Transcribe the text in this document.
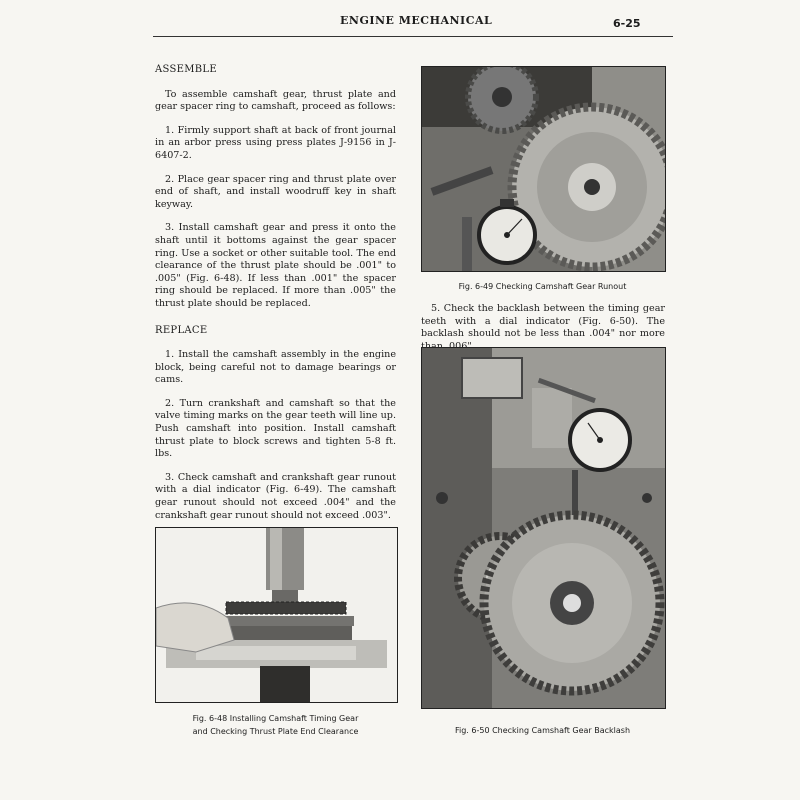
ENGINE MECHANICAL	6-25
ASSEMBLE

To assemble camshaft gear, thrust plate and gear spacer ring to camshaft, proceed as follows:

1. Firmly support shaft at back of front journal in an arbor press using press plates J-9156 in J-6407-2.

2. Place gear spacer ring and thrust plate over end of shaft, and install woodruff key in shaft keyway.

3. Install camshaft gear and press it onto the shaft until it bottoms against the gear spacer ring. Use a socket or other suitable tool. The end clearance of the thrust plate should be .001" to .005" (Fig. 6-48). If less than .001" the spacer ring should be replaced. If more than .005" the thrust plate should be replaced.

REPLACE

1. Install the camshaft assembly in the engine block, being careful not to damage bearings or cams.

2. Turn crankshaft and camshaft so that the valve timing marks on the gear teeth will line up. Push camshaft into position. Install camshaft thrust plate to block screws and tighten 5-8 ft. lbs.

3. Check camshaft and crankshaft gear runout with a dial indicator (Fig. 6-49). The camshaft gear runout should not exceed .004" and the crankshaft gear runout should not exceed .003".

Fig. 6-49 Checking Camshaft Gear Runout

5. Check the backlash between the timing gear teeth with a dial indicator (Fig. 6-50). The backlash should not be less than .004" nor more

Fig. 6-48 Installing Camshaft Timing Gear
and Checking Thrust Plate End Clearance	Fig. 6-50 Checking Camshaft Gear Backlash
